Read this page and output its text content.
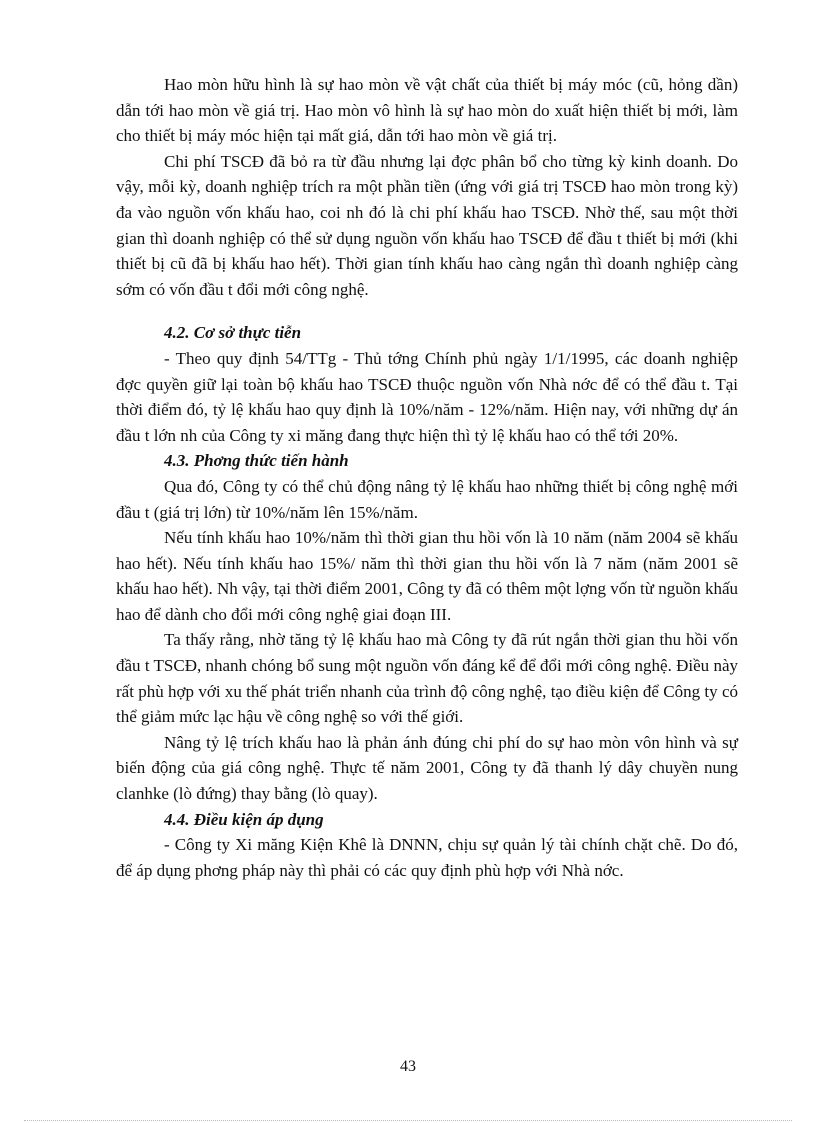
Hao mòn hữu hình là sự hao mòn về vật chất của thiết bị máy móc (cũ, hỏng dần) dẫn tới hao mòn về giá trị. Hao mòn vô hình là sự hao mòn do xuất hiện thiết bị mới, làm cho thiết bị máy móc hiện tại mất giá, dẫn tới hao mòn về giá trị.

Chi phí TSCĐ đã bỏ ra từ đầu nhưng lại đợc phân bổ cho từng kỳ kinh doanh. Do vậy, mỗi kỳ, doanh nghiệp trích ra một phần tiền (ứng với giá trị TSCĐ hao mòn trong kỳ) đa vào nguồn vốn khấu hao, coi nh đó là chi phí khấu hao TSCĐ. Nhờ thế, sau một thời gian thì doanh nghiệp có thể sử dụng nguồn vốn khấu hao TSCĐ để đầu t thiết bị mới (khi thiết bị cũ đã bị khấu hao hết). Thời gian tính khấu hao càng ngắn thì doanh nghiệp càng sớm có vốn đầu t đổi mới công nghệ.

4.2. Cơ sở thực tiễn

- Theo quy định 54/TTg - Thủ tớng Chính phủ ngày 1/1/1995, các doanh nghiệp đợc quyền giữ lại toàn bộ khấu hao TSCĐ thuộc nguồn vốn Nhà nớc để có thể đầu t. Tại thời điểm đó, tỷ lệ khấu hao quy định là 10%/năm - 12%/năm. Hiện nay, với những dự án đầu t lớn nh của Công ty xi măng đang thực hiện thì tỷ lệ khấu hao có thể tới 20%.

4.3. Phơng thức tiến hành

Qua đó, Công ty có thể chủ động nâng tỷ lệ khấu hao những thiết bị công nghệ mới đầu t (giá trị lớn) từ 10%/năm lên 15%/năm.

Nếu tính khấu hao 10%/năm thì thời gian thu hồi vốn là 10 năm (năm 2004 sẽ khấu hao hết). Nếu tính khấu hao 15%/ năm thì thời gian thu hồi vốn là 7 năm (năm 2001 sẽ khấu hao hết). Nh vậy, tại thời điểm 2001, Công ty đã có thêm một lợng vốn từ nguồn khấu hao để dành cho đổi mới công nghệ giai đoạn III.

Ta thấy rằng, nhờ tăng tỷ lệ khấu hao mà Công ty đã rút ngắn thời gian thu hồi vốn đầu t TSCĐ, nhanh chóng bổ sung một nguồn vốn đáng kể để đổi mới công nghệ. Điều này rất phù hợp với xu thế phát triển nhanh của trình độ công nghệ, tạo điều kiện để Công ty có thể giảm mức lạc hậu về công nghệ so với thế giới.

Nâng tỷ lệ trích khấu hao là phản ánh đúng chi phí do sự hao mòn vôn hình và sự biến động của giá công nghệ. Thực tế năm 2001, Công ty đã thanh lý dây chuyền nung clanhke (lò đứng) thay bằng (lò quay).

4.4. Điều kiện áp dụng

- Công ty Xi măng Kiện Khê là DNNN, chịu sự quản lý tài chính chặt chẽ. Do đó, để áp dụng phơng pháp này thì phải có các quy định phù hợp với Nhà nớc.

43
